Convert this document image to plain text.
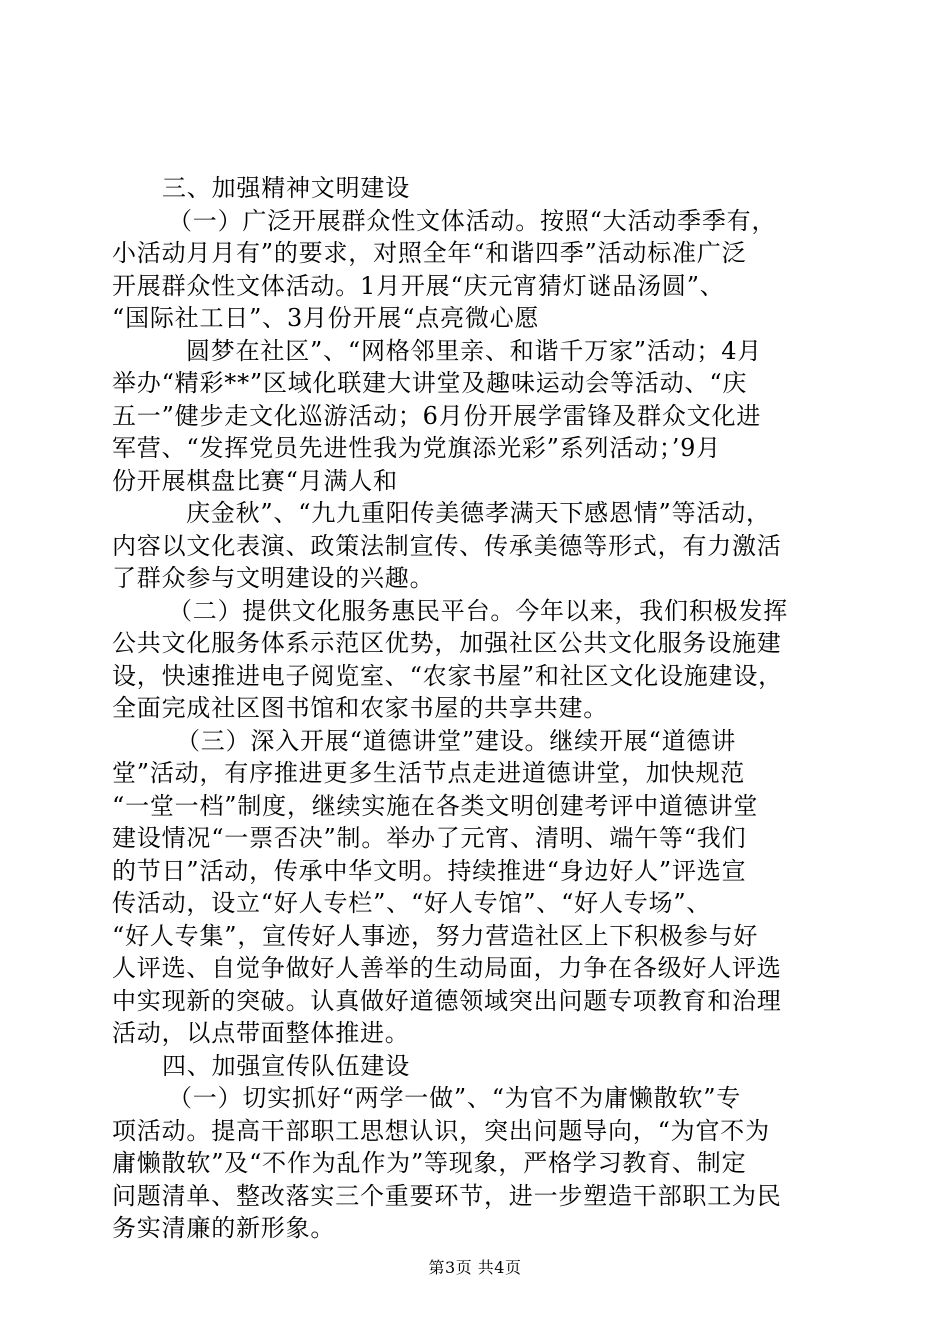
三、加强精神文明建设
（一）广泛开展群众性文体活动。按照“大活动季季有，
小活动月月有”的要求，对照全年“和谐四季”活动标准广泛
开展群众性文体活动。1月开展“庆元宵猜灯谜品汤圆”、
“国际社工日”、3月份开展“点亮微心愿
圆梦在社区”、“网格邻里亲、和谐千万家”活动；4月
举办“精彩**”区域化联建大讲堂及趣味运动会等活动、“庆
五一”健步走文化巡游活动；6月份开展学雷锋及群众文化进
军营、“发挥党员先进性我为党旗添光彩”系列活动；’9月
份开展棋盘比赛“月满人和
庆金秋”、“九九重阳传美德孝满天下感恩情”等活动，
内容以文化表演、政策法制宣传、传承美德等形式，有力激活
了群众参与文明建设的兴趣。
（二）提供文化服务惠民平台。今年以来，我们积极发挥
公共文化服务体系示范区优势，加强社区公共文化服务设施建
设，快速推进电子阅览室、“农家书屋”和社区文化设施建设，
全面完成社区图书馆和农家书屋的共享共建。
（三）深入开展“道德讲堂”建设。继续开展“道德讲
堂”活动，有序推进更多生活节点走进道德讲堂，加快规范
“一堂一档”制度，继续实施在各类文明创建考评中道德讲堂
建设情况“一票否决”制。举办了元宵、清明、端午等“我们
的节日”活动，传承中华文明。持续推进“身边好人”评选宣
传活动，设立“好人专栏”、“好人专馆”、“好人专场”、
“好人专集”，宣传好人事迹，努力营造社区上下积极参与好
人评选、自觉争做好人善举的生动局面，力争在各级好人评选
中实现新的突破。认真做好道德领域突出问题专项教育和治理
活动，以点带面整体推进。
四、加强宣传队伍建设
（一）切实抓好“两学一做”、“为官不为庸懒散软”专
项活动。提高干部职工思想认识，突出问题导向，“为官不为
庸懒散软”及“不作为乱作为”等现象，严格学习教育、制定
问题清单、整改落实三个重要环节，进一步塑造干部职工为民
务实清廉的新形象。
第3页 共4页
